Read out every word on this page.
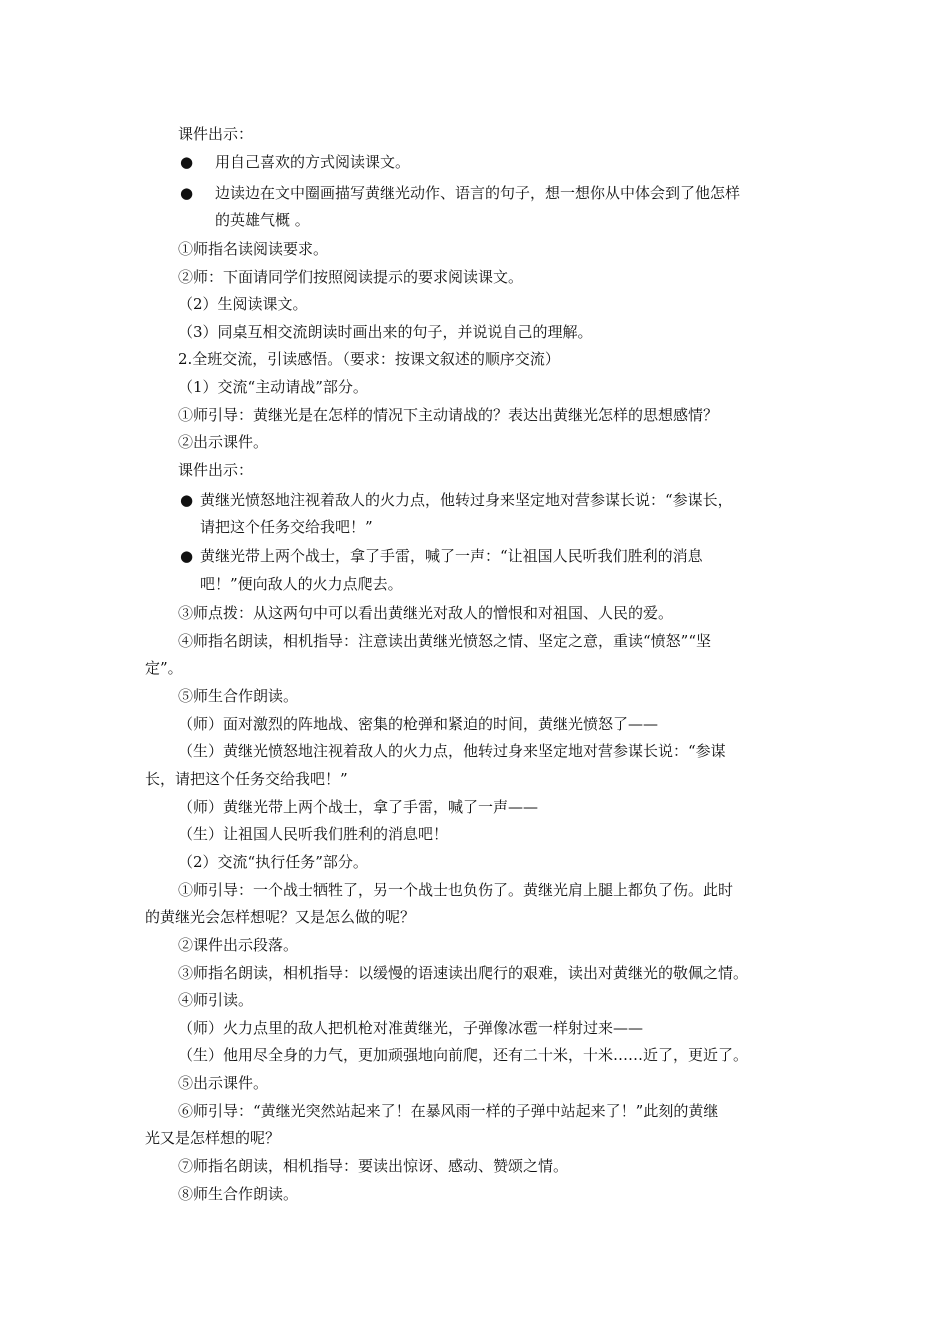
课件出示：
● 用自己喜欢的方式阅读课文。
● 边读边在文中圈画描写黄继光动作、语言的句子，想一想你从中体会到了他怎样
的英雄气概 。
①师指名读阅读要求。
②师：下面请同学们按照阅读提示的要求阅读课文。
（2）生阅读课文。
（3）同桌互相交流朗读时画出来的句子，并说说自己的理解。
2.全班交流，引读感悟。（要求：按课文叙述的顺序交流）
（1）交流“主动请战”部分。
①师引导：黄继光是在怎样的情况下主动请战的？表达出黄继光怎样的思想感情？
②出示课件。
课件出示：
● 黄继光愤怒地注视着敌人的火力点，他转过身来坚定地对营参谋长说：“参谋长，
请把这个任务交给我吧！”
● 黄继光带上两个战士，拿了手雷，喊了一声：“让祖国人民听我们胜利的消息
吧！”便向敌人的火力点爬去。
③师点拨：从这两句中可以看出黄继光对敌人的憎恨和对祖国、人民的爱。
④师指名朗读，相机指导：注意读出黄继光愤怒之情、坚定之意，重读“愤怒”“坚
定”。
⑤师生合作朗读。
（师）面对激烈的阵地战、密集的枪弹和紧迫的时间，黄继光愤怒了——
（生）黄继光愤怒地注视着敌人的火力点，他转过身来坚定地对营参谋长说：“参谋
长，请把这个任务交给我吧！”
（师）黄继光带上两个战士，拿了手雷，喊了一声——
（生）让祖国人民听我们胜利的消息吧！
（2）交流“执行任务”部分。
①师引导：一个战士牺牲了，另一个战士也负伤了。黄继光肩上腿上都负了伤。此时
的黄继光会怎样想呢？又是怎么做的呢？
②课件出示段落。
③师指名朗读，相机指导：以缓慢的语速读出爬行的艰难，读出对黄继光的敬佩之情。
④师引读。
（师）火力点里的敌人把机枪对准黄继光，子弹像冰雹一样射过来——
（生）他用尽全身的力气，更加顽强地向前爬，还有二十米，十米……近了，更近了。
⑤出示课件。
⑥师引导：“黄继光突然站起来了！在暴风雨一样的子弹中站起来了！”此刻的黄继
光又是怎样想的呢？
⑦师指名朗读，相机指导：要读出惊讶、感动、赞颂之情。
⑧师生合作朗读。
